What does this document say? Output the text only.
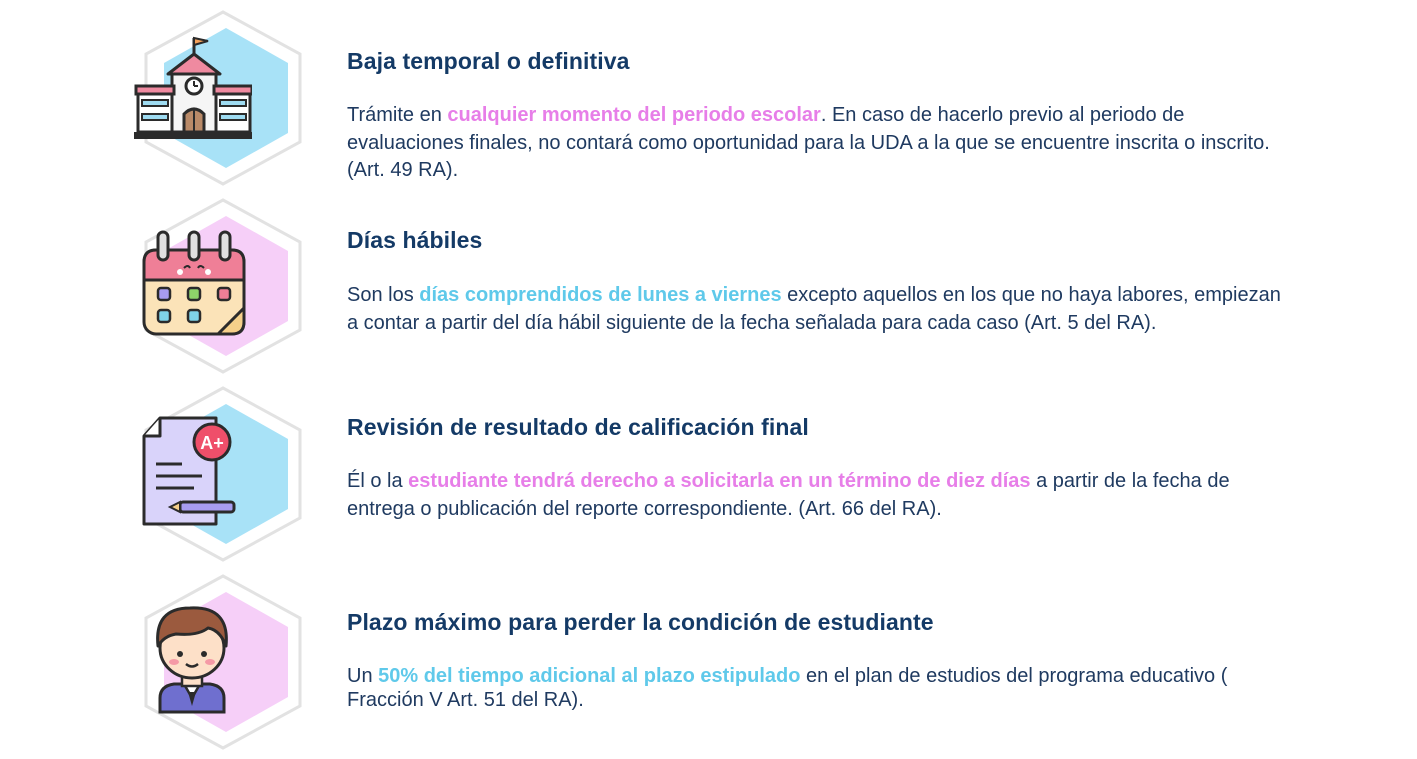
Baja temporal o definitiva
Trámite en cualquier momento del periodo escolar. En caso de hacerlo previo al periodo de evaluaciones finales, no contará como oportunidad para la UDA a la que se encuentre inscrita o inscrito. (Art. 49 RA).
Días hábiles
Son los días comprendidos de lunes a viernes excepto aquellos en los que no haya labores, empiezan a contar a partir del día hábil siguiente de la fecha señalada para cada caso (Art. 5 del RA).
A+
Revisión de resultado de calificación final
Él o la estudiante tendrá derecho a solicitarla en un término de diez días a partir de la fecha de entrega o publicación del reporte correspondiente. (Art. 66 del RA).
Plazo máximo para perder la condición de estudiante
Un 50% del tiempo adicional al plazo estipulado en el plan de estudios del programa educativo ( Fracción V Art. 51 del RA).
